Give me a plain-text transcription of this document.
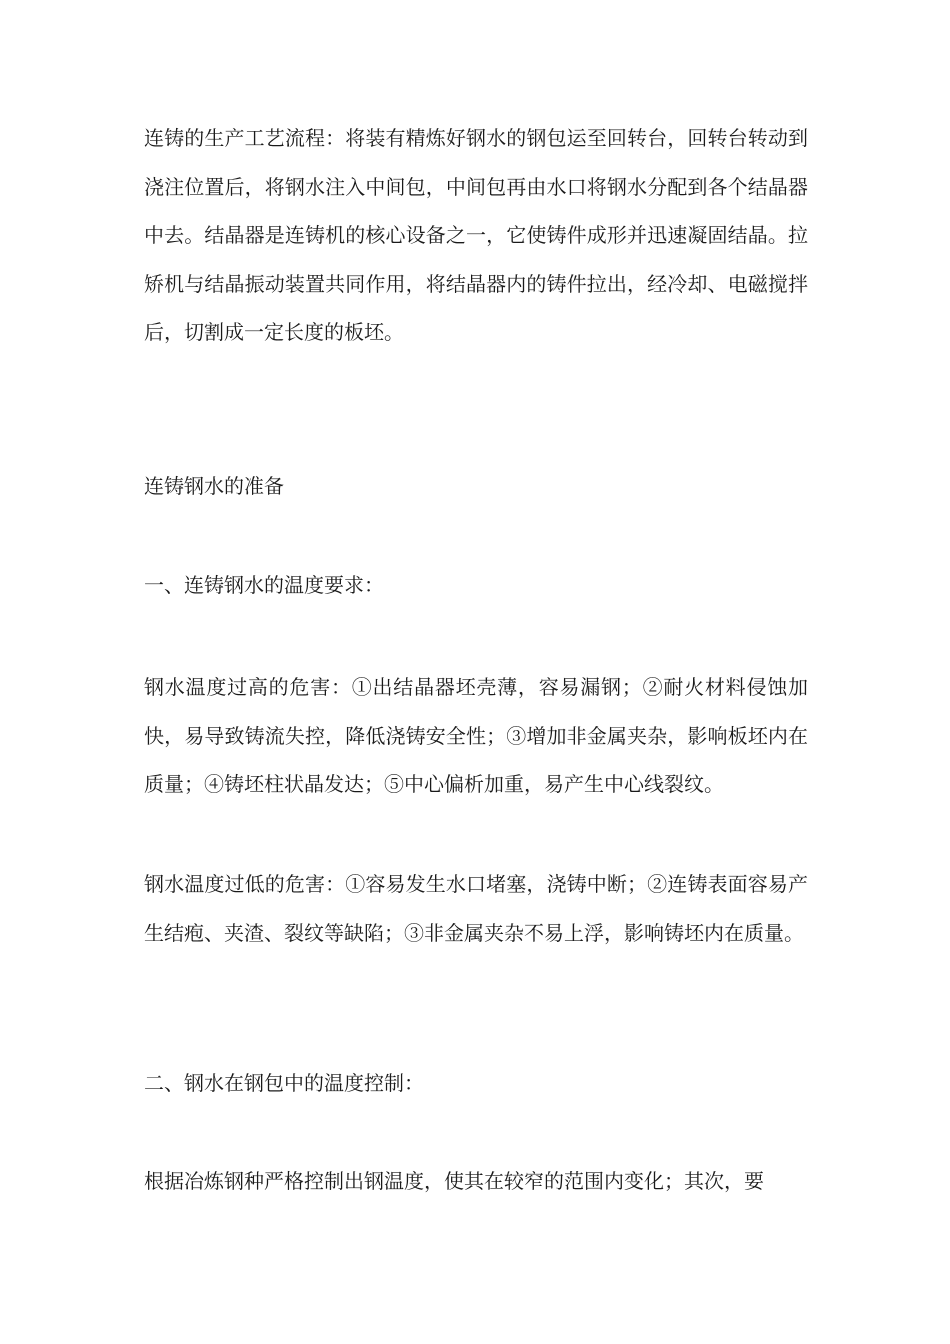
连铸的生产工艺流程：将装有精炼好钢水的钢包运至回转台，回转台转动到浇注位置后，将钢水注入中间包，中间包再由水口将钢水分配到各个结晶器中去。结晶器是连铸机的核心设备之一，它使铸件成形并迅速凝固结晶。拉矫机与结晶振动装置共同作用，将结晶器内的铸件拉出，经冷却、电磁搅拌后，切割成一定长度的板坯。

连铸钢水的准备

一、连铸钢水的温度要求：

钢水温度过高的危害：①出结晶器坯壳薄，容易漏钢；②耐火材料侵蚀加快，易导致铸流失控，降低浇铸安全性；③增加非金属夹杂，影响板坯内在质量；④铸坯柱状晶发达；⑤中心偏析加重，易产生中心线裂纹。

钢水温度过低的危害：①容易发生水口堵塞，浇铸中断；②连铸表面容易产生结疱、夹渣、裂纹等缺陷；③非金属夹杂不易上浮，影响铸坯内在质量。

二、钢水在钢包中的温度控制：

根据冶炼钢种严格控制出钢温度，使其在较窄的范围内变化；其次，要
